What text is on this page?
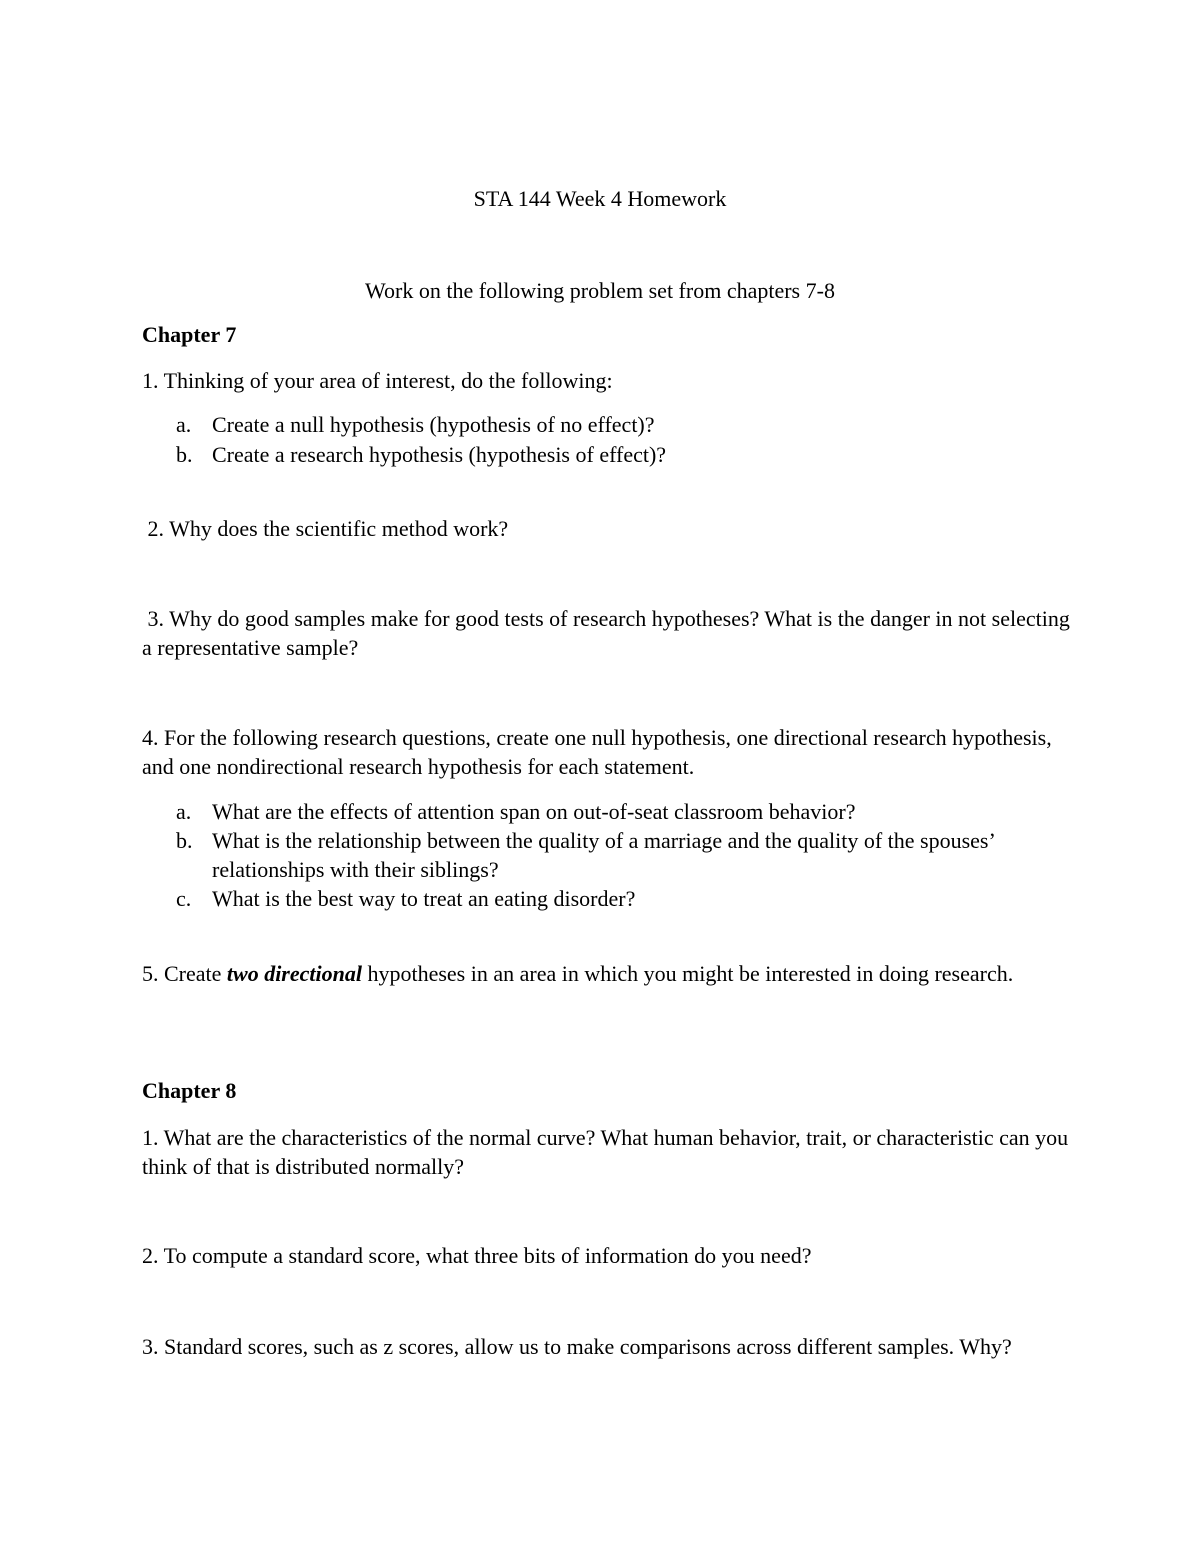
STA 144 Week 4 Homework
Work on the following problem set from chapters 7-8
Chapter 7
1. Thinking of your area of interest, do the following:
a. Create a null hypothesis (hypothesis of no effect)?
b. Create a research hypothesis (hypothesis of effect)?
2. Why does the scientific method work?
3. Why do good samples make for good tests of research hypotheses? What is the danger in not selecting a representative sample?
4. For the following research questions, create one null hypothesis, one directional research hypothesis, and one nondirectional research hypothesis for each statement.
a. What are the effects of attention span on out-of-seat classroom behavior?
b. What is the relationship between the quality of a marriage and the quality of the spouses’ relationships with their siblings?
c. What is the best way to treat an eating disorder?
5. Create two directional hypotheses in an area in which you might be interested in doing research.
Chapter 8
1. What are the characteristics of the normal curve? What human behavior, trait, or characteristic can you think of that is distributed normally?
2. To compute a standard score, what three bits of information do you need?
3. Standard scores, such as z scores, allow us to make comparisons across different samples. Why?
